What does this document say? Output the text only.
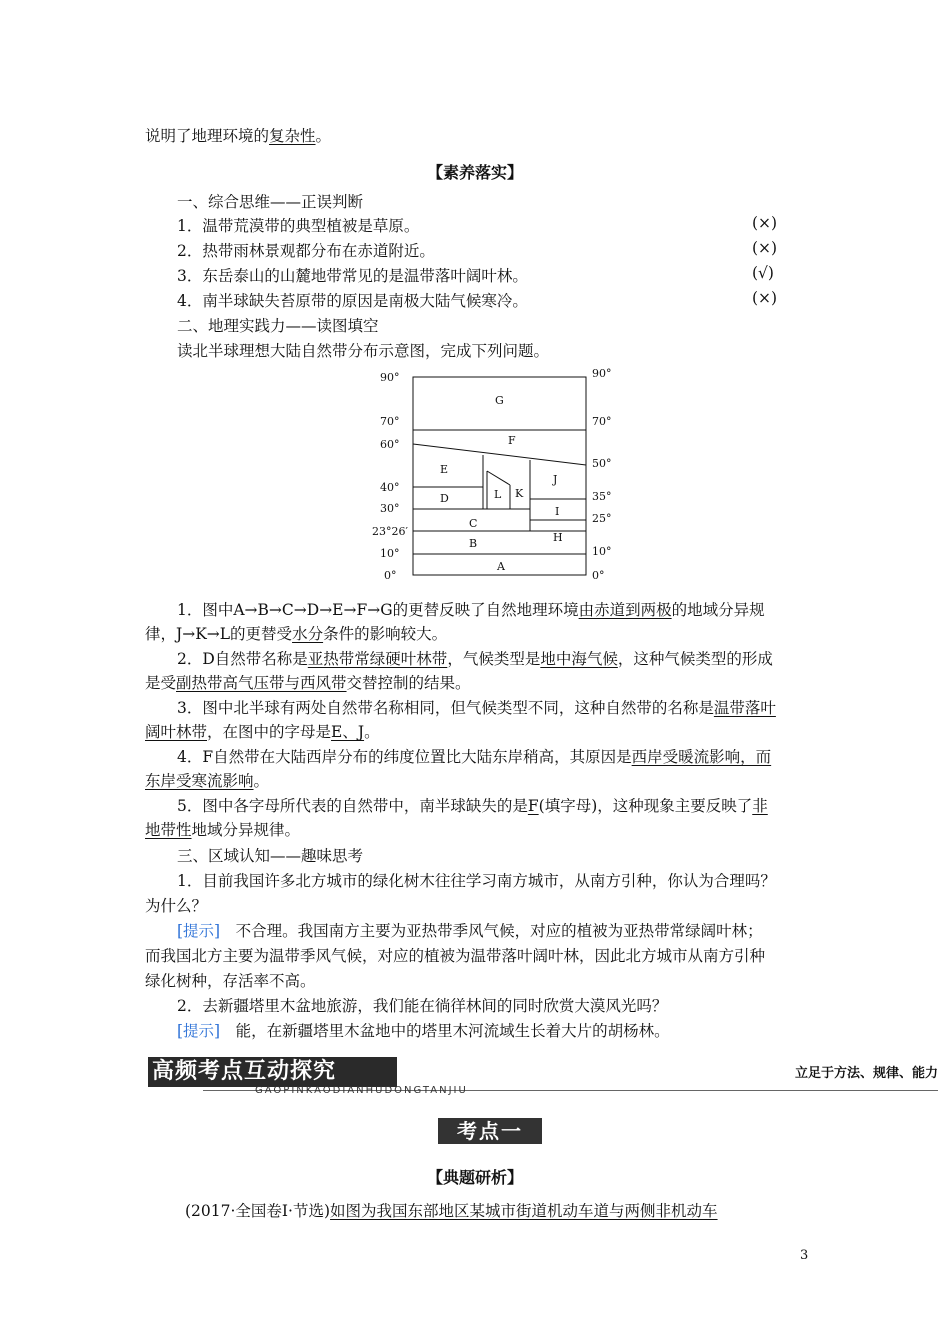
说明了地理环境的复杂性。
【素养落实】
一、综合思维——正误判断
1．温带荒漠带的典型植被是草原。	(×)
2．热带雨林景观都分布在赤道附近。	(×)
3．东岳泰山的山麓地带常见的是温带落叶阔叶林。	(√)
4．南半球缺失苔原带的原因是南极大陆气候寒冷。	(×)
二、地理实践力——读图填空
读北半球理想大陆自然带分布示意图，完成下列问题。
90°
70°
60°
40°
30°
23°26′
10°
0°
90°
70°
50°
35°
25°
10°
0°
G
F
E
D	L K
J
I
C
B	H
A
1．图中A→B→C→D→E→F→G的更替反映了自然地理环境由赤道到两极的地域分异规
律，J→K→L的更替受水分条件的影响较大。
2．D自然带名称是亚热带常绿硬叶林带，气候类型是地中海气候，这种气候类型的形成
是受副热带高气压带与西风带交替控制的结果。
3．图中北半球有两处自然带名称相同，但气候类型不同，这种自然带的名称是温带落叶
阔叶林带，在图中的字母是E、J。
4．F自然带在大陆西岸分布的纬度位置比大陆东岸稍高，其原因是西岸受暖流影响，而
东岸受寒流影响。
5．图中各字母所代表的自然带中，南半球缺失的是F(填字母)，这种现象主要反映了非
地带性地域分异规律。
三、区域认知——趣味思考
1．目前我国许多北方城市的绿化树木往往学习南方城市，从南方引种，你认为合理吗？
为什么？
[提示]　不合理。我国南方主要为亚热带季风气候，对应的植被为亚热带常绿阔叶林；
而我国北方主要为温带季风气候，对应的植被为温带落叶阔叶林，因此北方城市从南方引种
绿化树种，存活率不高。
2．去新疆塔里木盆地旅游，我们能在徜徉林间的同时欣赏大漠风光吗？
[提示]　能，在新疆塔里木盆地中的塔里木河流域生长着大片的胡杨林。
高频考点互动探究	立足于方法、规律、能力
GAOPINKAODIANHUDONGTANJIU
考点一
【典题研析】
(2017·全国卷Ⅰ·节选)如图为我国东部地区某城市街道机动车道与两侧非机动车
3
